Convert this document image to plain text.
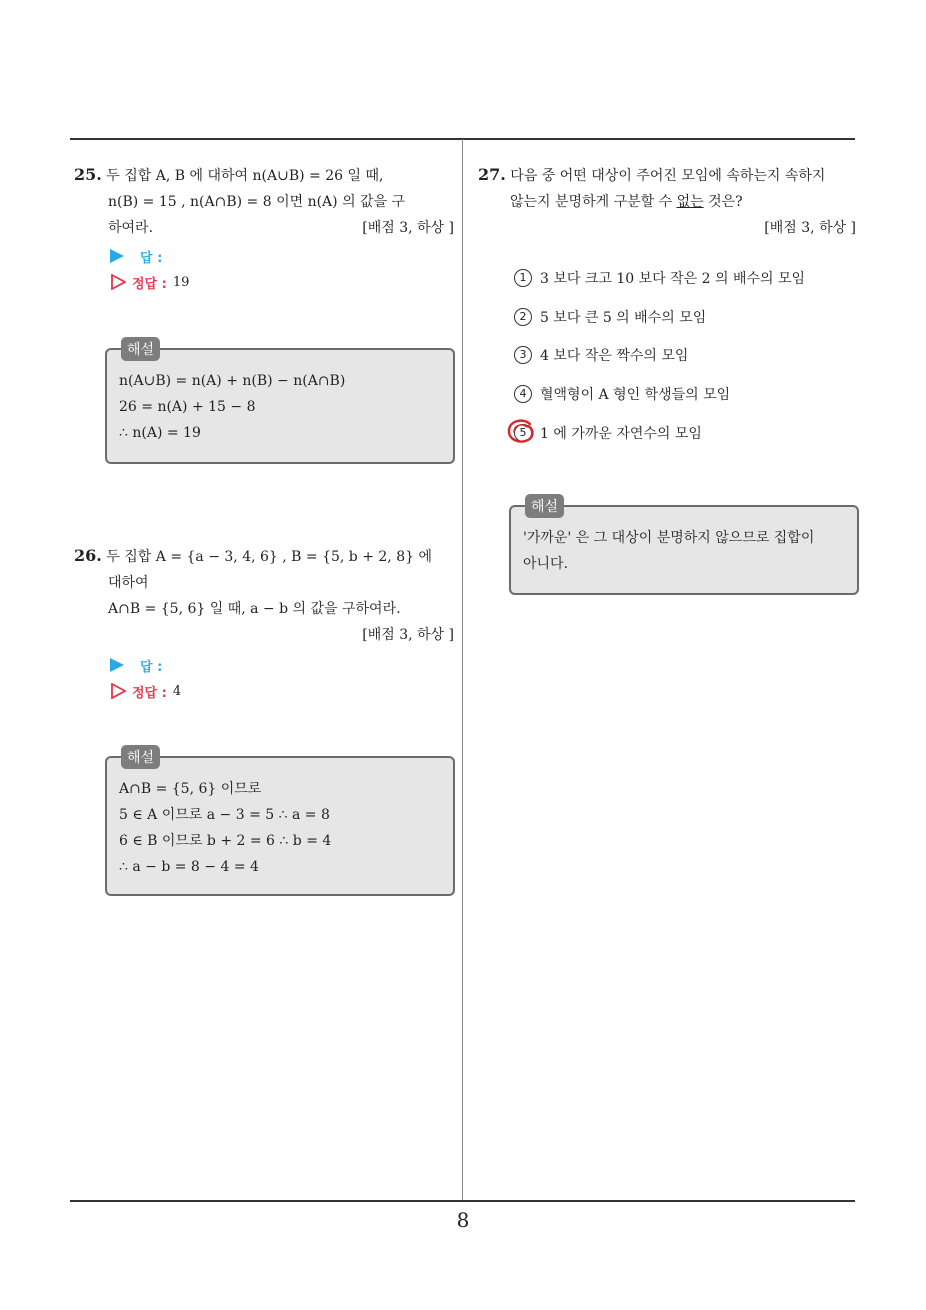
25. 두 집합 A, B 에 대하여 n(A∪B) = 26 일 때,
n(B) = 15 , n(A∩B) = 8 이면 n(A) 의 값을 구
하여라.	[배점 3, 하상 ]
답 :
정답 : 19
해설
n(A∪B) = n(A) + n(B) − n(A∩B)
26 = n(A) + 15 − 8
∴ n(A) = 19
26. 두 집합 A = {a − 3, 4, 6} , B = {5, b + 2, 8} 에
대하여
A∩B = {5, 6} 일 때, a − b 의 값을 구하여라.
[배점 3, 하상 ]
답 :
정답 : 4
해설
A∩B = {5, 6} 이므로
5 ∈ A 이므로 a − 3 = 5 ∴ a = 8
6 ∈ B 이므로 b + 2 = 6 ∴ b = 4
∴ a − b = 8 − 4 = 4
27. 다음 중 어떤 대상이 주어진 모임에 속하는지 속하지
않는지 분명하게 구분할 수 없는 것은?
[배점 3, 하상 ]
1 3 보다 크고 10 보다 작은 2 의 배수의 모임
2 5 보다 큰 5 의 배수의 모임
3 4 보다 작은 짝수의 모임
4 혈액형이 A 형인 학생들의 모임
5 1 에 가까운 자연수의 모임
해설
'가까운' 은 그 대상이 분명하지 않으므로 집합이
아니다.
8
